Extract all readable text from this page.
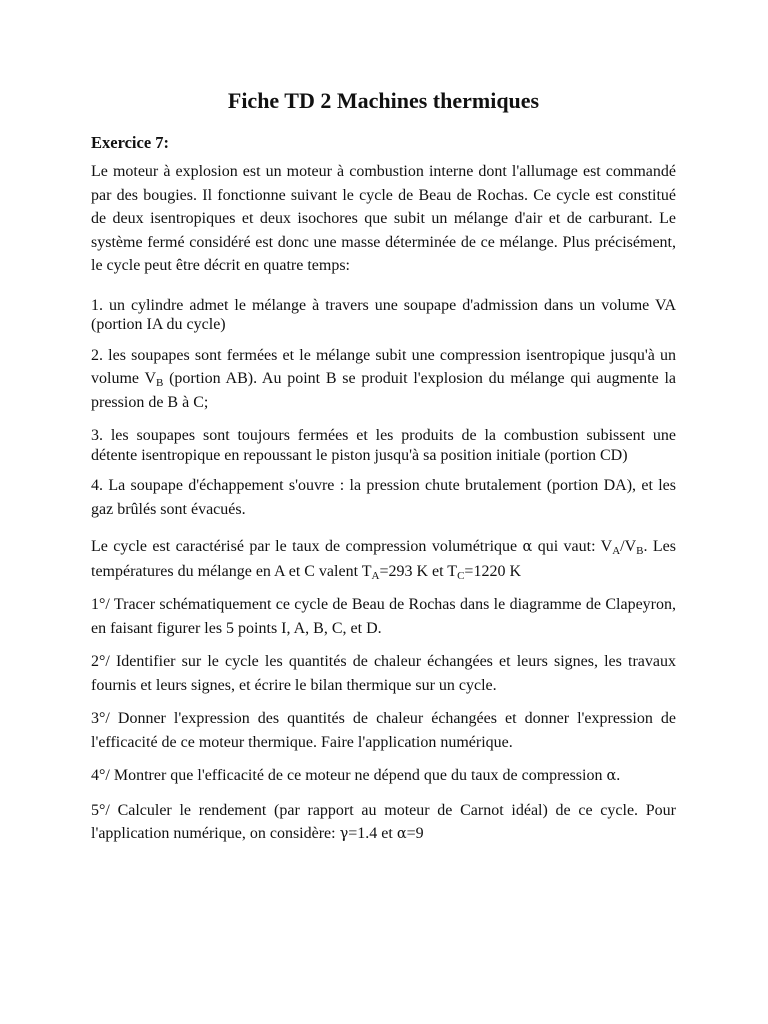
Fiche TD 2 Machines thermiques
Exercice 7:

Le moteur à explosion est un moteur à combustion interne dont l'allumage est commandé par des bougies. Il fonctionne suivant le cycle de Beau de Rochas. Ce cycle est constitué de deux isentropiques et deux isochores que subit un mélange d'air et de carburant. Le système fermé considéré est donc une masse déterminée de ce mélange. Plus précisément, le cycle peut être décrit en quatre temps:

1. un cylindre admet le mélange à travers une soupape d'admission dans un volume VA (portion IA du cycle)

2. les soupapes sont fermées et le mélange subit une compression isentropique jusqu'à un volume $V_B$ (portion AB). Au point B se produit l'explosion du mélange qui augmente la pression de B à C;

3. les soupapes sont toujours fermées et les produits de la combustion subissent une détente isentropique en repoussant le piston jusqu'à sa position initiale (portion CD)

4. La soupape d'échappement s'ouvre : la pression chute brutalement (portion DA), et les gaz brûlés sont évacués.

Le cycle est caractérisé par le taux de compression volumétrique α qui vaut: $V_A/V_B$. Les températures du mélange en A et C valent $T_A=293$ K et $T_C=1220$ K

1°/ Tracer schématiquement ce cycle de Beau de Rochas dans le diagramme de Clapeyron, en faisant figurer les 5 points I, A, B, C, et D.

2°/ Identifier sur le cycle les quantités de chaleur échangées et leurs signes, les travaux fournis et leurs signes, et écrire le bilan thermique sur un cycle.

3°/ Donner l'expression des quantités de chaleur échangées et donner l'expression de l'efficacité de ce moteur thermique. Faire l'application numérique.

4°/ Montrer que l'efficacité de ce moteur ne dépend que du taux de compression α.

5°/ Calculer le rendement (par rapport au moteur de Carnot idéal) de ce cycle. Pour l'application numérique, on considère: γ=1.4 et α=9
